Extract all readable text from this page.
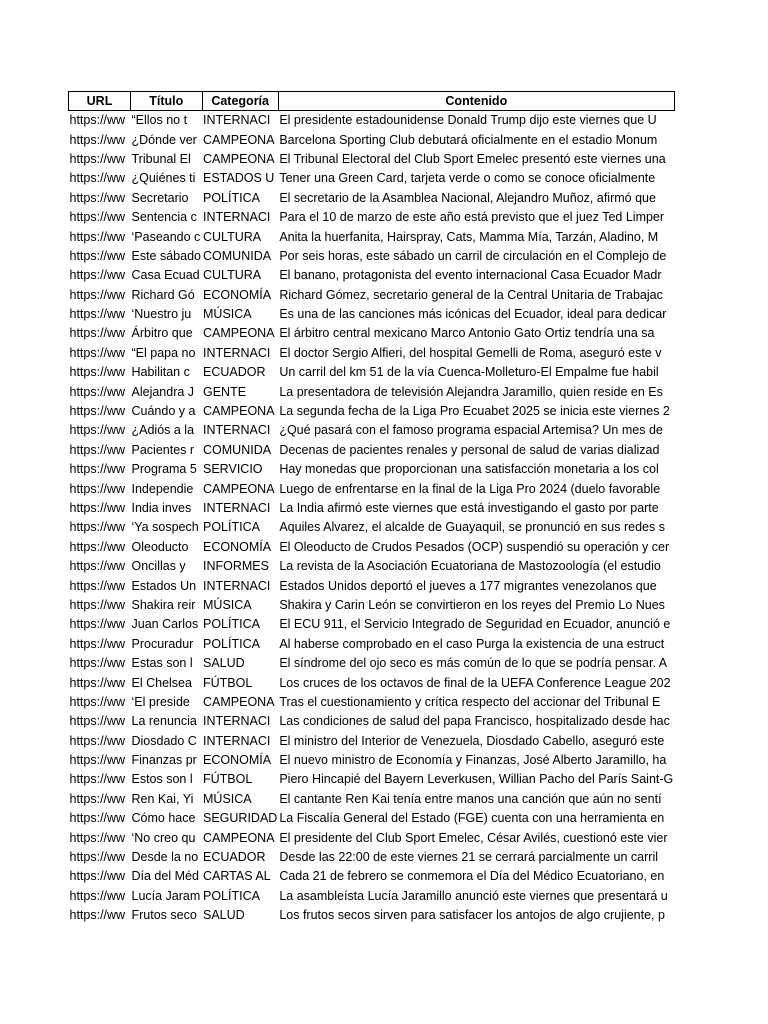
URL	Título	Categoría	Contenido
https://ww	“Ellos no t	INTERNACI	El presidente estadounidense Donald Trump dijo este viernes que U
https://ww	¿Dónde ver	CAMPEONA	Barcelona Sporting Club debutará oficialmente en el estadio Monum
https://ww	Tribunal El	CAMPEONA	El Tribunal Electoral del Club Sport Emelec presentó este viernes una
https://ww	¿Quiénes ti	ESTADOS U	Tener una Green Card, tarjeta verde o como se conoce oficialmente
https://ww	Secretario	POLÍTICA	El secretario de la Asamblea Nacional, Alejandro Muñoz, afirmó que
https://ww	Sentencia c	INTERNACI	Para el 10 de marzo de este año está previsto que el juez Ted Limper
https://ww	‘Paseando c	CULTURA	Anita la huerfanita, Hairspray, Cats, Mamma Mía, Tarzán, Aladino, M
https://ww	Este sábado	COMUNIDA	Por seis horas, este sábado un carril de circulación en el Complejo de
https://ww	Casa Ecuad	CULTURA	El banano, protagonista del evento internacional Casa Ecuador Madr
https://ww	Richard Gó	ECONOMÍA	Richard Gómez, secretario general de la Central Unitaria de Trabajac
https://ww	‘Nuestro ju	MÚSICA	Es una de las canciones más icónicas del Ecuador, ideal para dedicar
https://ww	Árbitro que	CAMPEONA	El árbitro central mexicano Marco Antonio Gato Ortiz tendría una sa
https://ww	“El papa no	INTERNACI	El doctor Sergio Alfieri, del hospital Gemelli de Roma, aseguró este v
https://ww	Habilitan c	ECUADOR	Un carril del km 51 de la vía Cuenca-Molleturo-El Empalme fue habil
https://ww	Alejandra J	GENTE	La presentadora de televisión Alejandra Jaramillo, quien reside en Es
https://ww	Cuándo y a	CAMPEONA	La segunda fecha de la Liga Pro Ecuabet 2025 se inicia este viernes 2
https://ww	¿Adiós a la	INTERNACI	¿Qué pasará con el famoso programa espacial Artemisa? Un mes de
https://ww	Pacientes r	COMUNIDA	Decenas de pacientes renales y personal de salud de varias dializad
https://ww	Programa 5	SERVICIO	Hay monedas que proporcionan una satisfacción monetaria a los col
https://ww	Independie	CAMPEONA	Luego de enfrentarse en la final de la Liga Pro 2024 (duelo favorable
https://ww	India inves	INTERNACI	La India afirmó este viernes que está investigando el gasto por parte
https://ww	‘Ya sospech	POLÍTICA	Aquiles Alvarez, el alcalde de Guayaquil, se pronunció en sus redes s
https://ww	Oleoducto	ECONOMÍA	El Oleoducto de Crudos Pesados (OCP) suspendió su operación y cer
https://ww	Oncillas y	INFORMES	La revista de la Asociación Ecuatoriana de Mastozoología (el estudio
https://ww	Estados Un	INTERNACI	Estados Unidos deportó el jueves a 177 migrantes venezolanos que
https://ww	Shakira reir	MÚSICA	Shakira y Carin León se convirtieron en los reyes del Premio Lo Nues
https://ww	Juan Carlos	POLÍTICA	El ECU 911, el Servicio Integrado de Seguridad en Ecuador, anunció e
https://ww	Procuradur	POLÍTICA	Al haberse comprobado en el caso Purga la existencia de una estruct
https://ww	Estas son l	SALUD	El síndrome del ojo seco es más común de lo que se podría pensar. A
https://ww	El Chelsea	FÚTBOL	Los cruces de los octavos de final de la UEFA Conference League 202
https://ww	‘El preside	CAMPEONA	Tras el cuestionamiento y crítica respecto del accionar del Tribunal E
https://ww	La renuncia	INTERNACI	Las condiciones de salud del papa Francisco, hospitalizado desde hac
https://ww	Diosdado C	INTERNACI	El ministro del Interior de Venezuela, Diosdado Cabello, aseguró este
https://ww	Finanzas pr	ECONOMÍA	El nuevo ministro de Economía y Finanzas, José Alberto Jaramillo, ha
https://ww	Estos son l	FÚTBOL	Piero Hincapié del Bayern Leverkusen, Willian Pacho del París Saint-G
https://ww	Ren Kai, Yi	MÚSICA	El cantante Ren Kai tenía entre manos una canción que aún no sentí
https://ww	Cómo hace	SEGURIDAD	La Fiscalía General del Estado (FGE) cuenta con una herramienta en
https://ww	‘No creo qu	CAMPEONA	El presidente del Club Sport Emelec, César Avilés, cuestionó este vier
https://ww	Desde la no	ECUADOR	Desde las 22:00 de este viernes 21 se cerrará parcialmente un carril
https://ww	Día del Méd	CARTAS AL	Cada 21 de febrero se conmemora el Día del Médico Ecuatoriano, en
https://ww	Lucía Jaram	POLÍTICA	La asambleísta Lucía Jaramillo anunció este viernes que presentará u
https://ww	Frutos seco	SALUD	Los frutos secos sirven para satisfacer los antojos de algo crujiente, p
